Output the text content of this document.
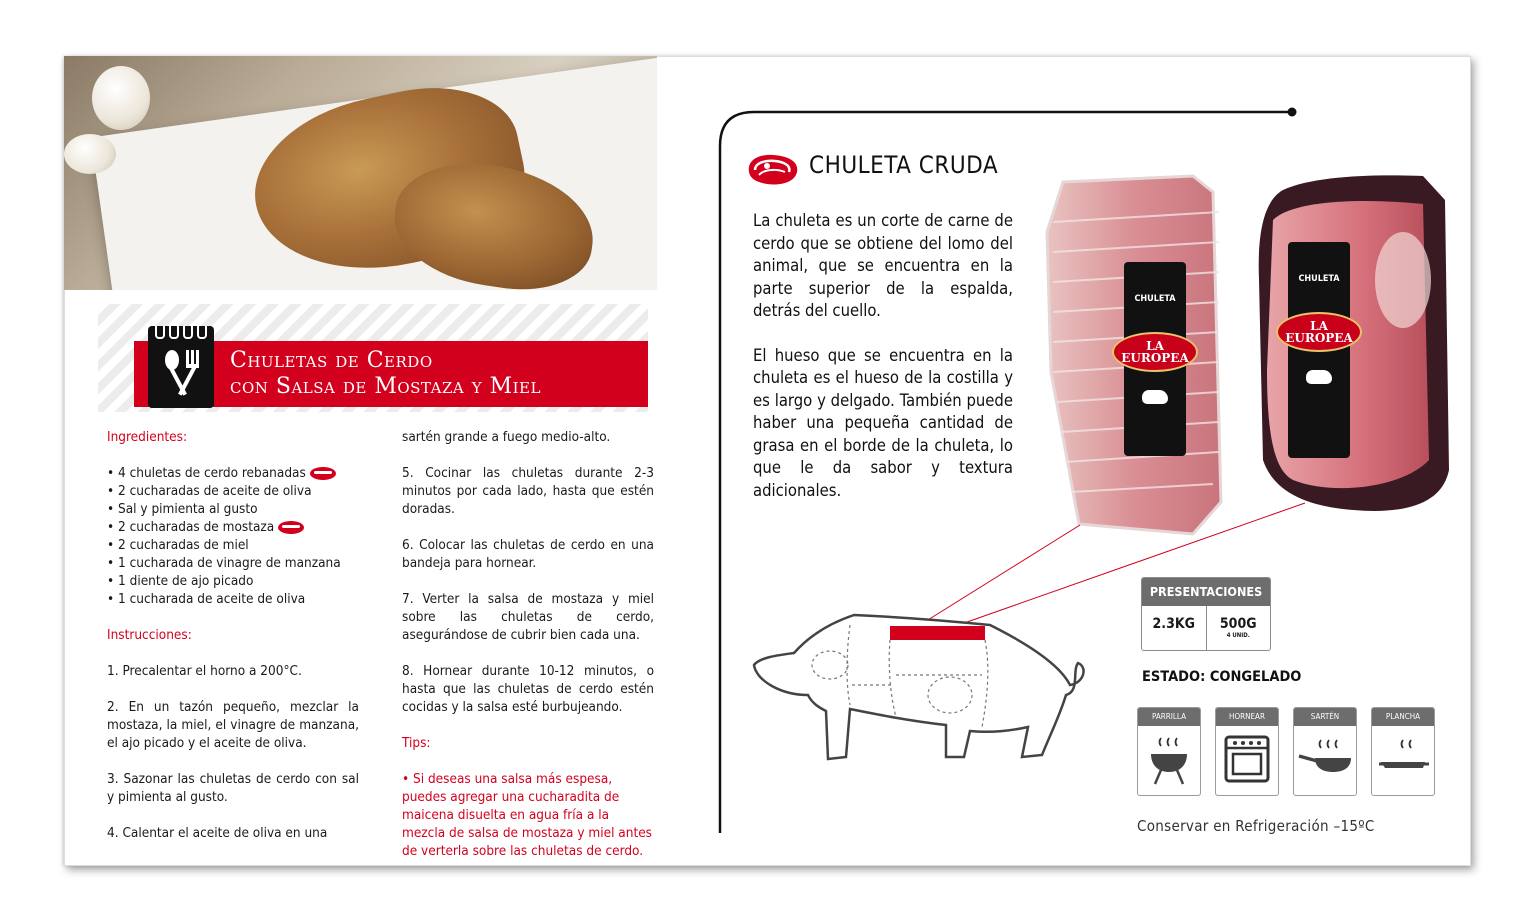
Chuletas de Cerdo
con Salsa de Mostaza y Miel

Ingredientes:

• 4 chuletas de cerdo rebanadas

• 2 cucharadas de aceite de oliva

• Sal y pimienta al gusto

• 2 cucharadas de mostaza

• 2 cucharadas de miel

• 1 cucharada de vinagre de manzana

• 1 diente de ajo picado

• 1 cucharada de aceite de oliva

Instrucciones:

1. Precalentar el horno a 200°C.

2. En un tazón pequeño, mezclar la mostaza, la miel, el vinagre de manzana, el ajo picado y el aceite de oliva.

3. Sazonar las chuletas de cerdo con sal y pimienta al gusto.

4. Calentar el aceite de oliva en una

sartén grande a fuego medio-alto.

5. Cocinar las chuletas durante 2-3 minutos por cada lado, hasta que estén doradas.

6. Colocar las chuletas de cerdo en una bandeja para hornear.

7. Verter la salsa de mostaza y miel sobre las chuletas de cerdo, asegurándose de cubrir bien cada una.

8. Hornear durante 10-12 minutos, o hasta que las chuletas de cerdo estén cocidas y la salsa esté burbujeando.

Tips:

• Si deseas una salsa más espesa, puedes agregar una cucharadita de maicena disuelta en agua fría a la mezcla de salsa de mostaza y miel antes de verterla sobre las chuletas de cerdo.

CHULETA CRUDA

La chuleta es un corte de carne de cerdo que se obtiene del lomo del animal, que se encuentra en la parte superior de la espalda, detrás del cuello.

El hueso que se encuentra en la chuleta es el hueso de la costilla y es largo y delgado. También puede haber una pequeña cantidad de grasa en el borde de la chuleta, lo que le da sabor y textura adicionales.

CHULETA
LA
EUROPEA
CHULETA
LA
EUROPEA
PRESENTACIONES
2.3KG	500G
4 UNID.
ESTADO: CONGELADO
PARRILLA	HORNEAR	SARTÉN	PLANCHA
Conservar en Refrigeración –15ºC
